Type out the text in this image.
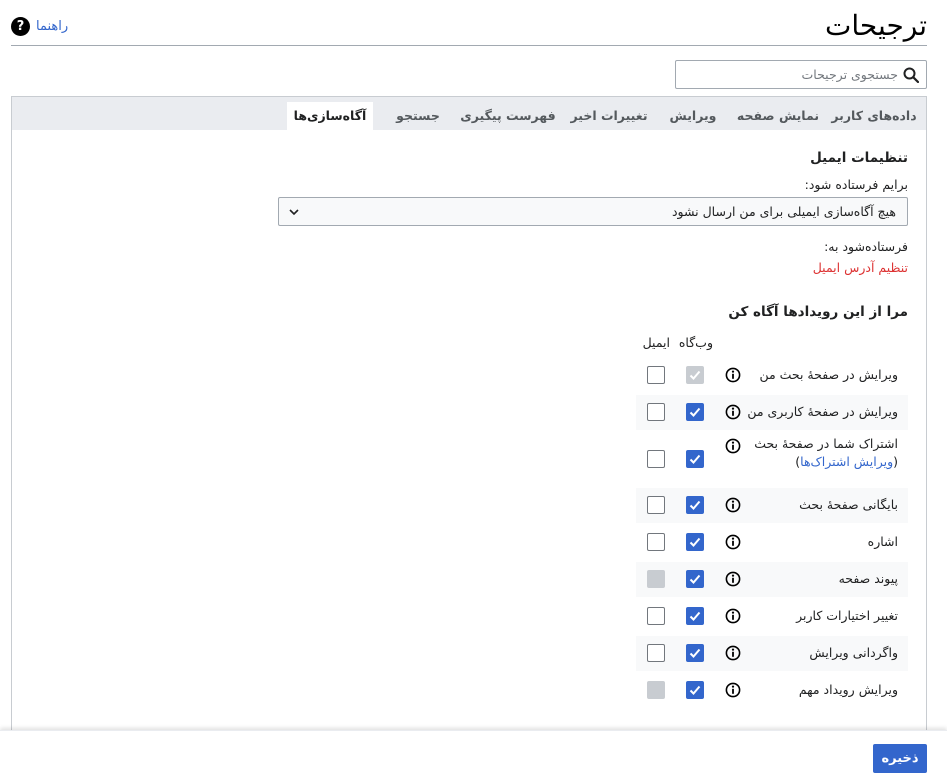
ترجیحات
? راهنما
جستجوی ترجیحات
داده‌های کاربر
نمایش صفحه
ویرایش
تغییرات اخیر
فهرست پیگیری
جستجو
آگاه‌سازی‌ها
تنظیمات ایمیل
برایم فرستاده شود:
هیچ آگاه‌سازی ایمیلی برای من ارسال نشود
فرستاده‌شود به:
تنظیم آدرس ایمیل
مرا از این رویدادها آگاه کن
وب‌گاه
ایمیل
ویرایش در صفحهٔ بحث من
ویرایش در صفحهٔ کاربری من
اشتراک شما در صفحهٔ بحث
(ویرایش اشتراک‌ها)
بایگانی صفحهٔ بحث
اشاره
پیوند صفحه
تغییر اختیارات کاربر
واگردانی ویرایش
ویرایش رویداد مهم
ذخیره
